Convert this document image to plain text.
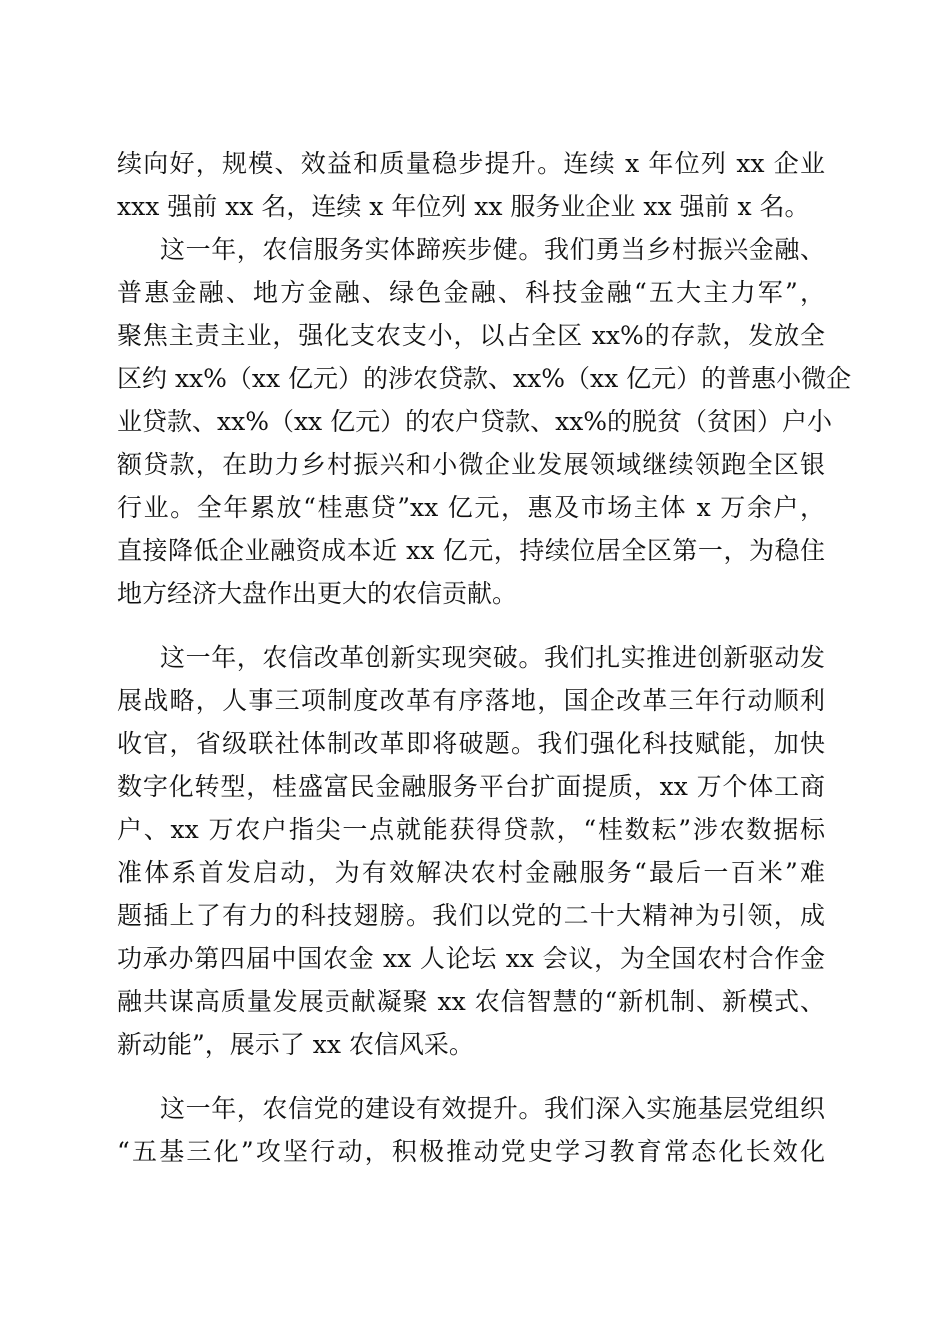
续向好，规模、效益和质量稳步提升。连续 x 年位列 xx 企业
xxx 强前 xx 名，连续 x 年位列 xx 服务业企业 xx 强前 x 名。
这一年，农信服务实体蹄疾步健。我们勇当乡村振兴金融、
普惠金融、地方金融、绿色金融、科技金融“五大主力军”，
聚焦主责主业，强化支农支小，以占全区 xx%的存款，发放全
区约 xx%（xx 亿元）的涉农贷款、xx%（xx 亿元）的普惠小微企
业贷款、xx%（xx 亿元）的农户贷款、xx%的脱贫（贫困）户小
额贷款，在助力乡村振兴和小微企业发展领域继续领跑全区银
行业。全年累放“桂惠贷”xx 亿元，惠及市场主体 x 万余户，
直接降低企业融资成本近 xx 亿元，持续位居全区第一，为稳住
地方经济大盘作出更大的农信贡献。
这一年，农信改革创新实现突破。我们扎实推进创新驱动发
展战略，人事三项制度改革有序落地，国企改革三年行动顺利
收官，省级联社体制改革即将破题。我们强化科技赋能，加快
数字化转型，桂盛富民金融服务平台扩面提质，xx 万个体工商
户、xx 万农户指尖一点就能获得贷款，“桂数耘”涉农数据标
准体系首发启动，为有效解决农村金融服务“最后一百米”难
题插上了有力的科技翅膀。我们以党的二十大精神为引领，成
功承办第四届中国农金 xx 人论坛 xx 会议，为全国农村合作金
融共谋高质量发展贡献凝聚 xx 农信智慧的“新机制、新模式、
新动能”，展示了 xx 农信风采。
这一年，农信党的建设有效提升。我们深入实施基层党组织
“五基三化”攻坚行动，积极推动党史学习教育常态化长效化
